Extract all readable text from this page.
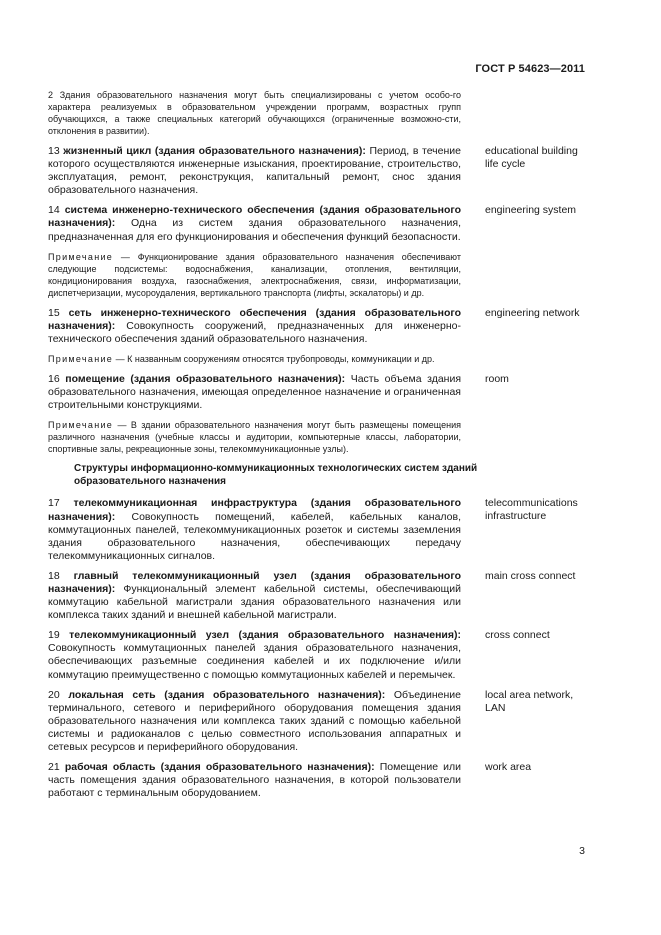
ГОСТ Р 54623—2011
2 Здания образовательного назначения могут быть специализированы с учетом особо-го характера реализуемых в образовательном учреждении программ, возрастных групп обучающихся, а также специальных категорий обучающихся (ограниченные возможно-сти, отклонения в развитии).
13 жизненный цикл (здания образовательного назначения): Период, в течение которого осуществляются инженерные изыскания, проектирование, строительство, эксплуатация, ремонт, реконструкция, капитальный ремонт, снос здания образовательного назначения.
educational building life cycle
14 система инженерно-технического обеспечения (здания образовательного назначения): Одна из систем здания образовательного назначения, предназначенная для его функционирования и обеспечения функций безопасности.
engineering system
Примечание — Функционирование здания образовательного назначения обеспечивают следующие подсистемы: водоснабжения, канализации, отопления, вентиляции, кондиционирования воздуха, газоснабжения, электроснабжения, связи, информатизации, диспетчеризации, мусороудаления, вертикального транспорта (лифты, эскалаторы) и др.
15 сеть инженерно-технического обеспечения (здания образовательного назначения): Совокупность сооружений, предназначенных для инженерно-технического обеспечения зданий образовательного назначения.
engineering network
Примечание — К названным сооружениям относятся трубопроводы, коммуникации и др.
16 помещение (здания образовательного назначения): Часть объема здания образовательного назначения, имеющая определенное назначение и ограниченная строительными конструкциями.
room
Примечание — В здании образовательного назначения могут быть размещены помещения различного назначения (учебные классы и аудитории, компьютерные классы, лаборатории, спортивные залы, рекреационные зоны, телекоммуникационные узлы).
Структуры информационно-коммуникационных технологических систем зданий образовательного назначения
17 телекоммуникационная инфраструктура (здания образовательного назначения): Совокупность помещений, кабелей, кабельных каналов, коммутационных панелей, телекоммуникационных розеток и системы заземления здания образовательного назначения, обеспечивающих передачу телекоммуникационных сигналов.
telecommunications infrastructure
18 главный телекоммуникационный узел (здания образовательного назначения): Функциональный элемент кабельной системы, обеспечивающий коммутацию кабельной магистрали здания образовательного назначения или комплекса таких зданий и внешней кабельной магистрали.
main cross connect
19 телекоммуникационный узел (здания образовательного назначения): Совокупность коммутационных панелей здания образовательного назначения, обеспечивающих разъемные соединения кабелей и их подключение и/или коммутацию преимущественно с помощью коммутационных кабелей и перемычек.
cross connect
20 локальная сеть (здания образовательного назначения): Объединение терминального, сетевого и периферийного оборудования помещения здания образовательного назначения или комплекса таких зданий с помощью кабельной системы и радиоканалов с целью совместного использования аппаратных и сетевых ресурсов и периферийного оборудования.
local area network, LAN
21 рабочая область (здания образовательного назначения): Помещение или часть помещения здания образовательного назначения, в которой пользователи работают с терминальным оборудованием.
work area
3
